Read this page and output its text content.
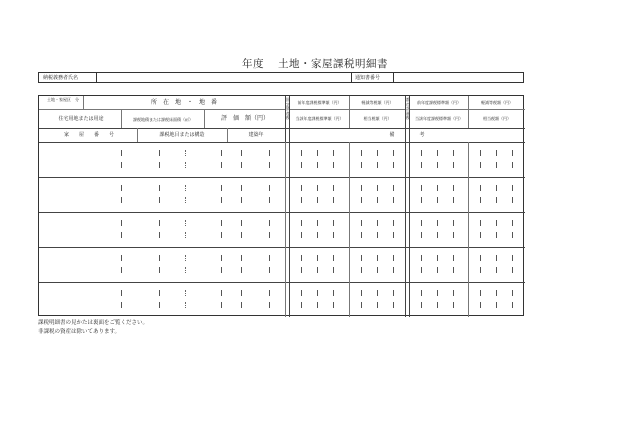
年度 土地・家屋課税明細書
納税義務者氏名	通知書番号
土地・家屋区　分	所　在　地　・　地　番
住宅用地または用途	課税地積または課税床面積（㎡）	評　価　額（円）
固定資産税
都市計画税
前年度課税標準額（円）	軽減等税額（円）
当該年度課税標準額（円）	相当税額（円）
前年度課税標準額（円）	軽減等税額（円）
当該年度課税標準額（円）	相当税額（円）
家　　屋　　番　　号	課税地目または構造	建築年	備　　　　　考
課税明細書の見かたは裏面をご覧ください。
非課税の資産は除いてあります。
